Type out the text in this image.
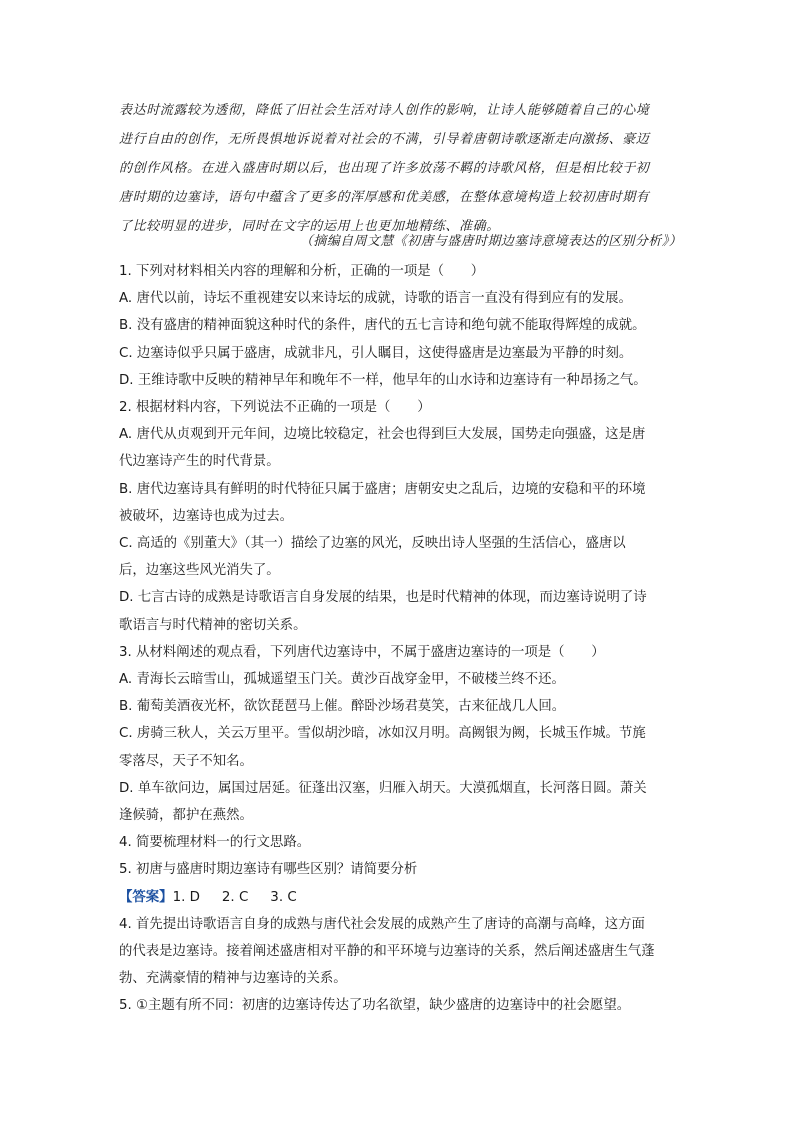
表达时流露较为透彻，降低了旧社会生活对诗人创作的影响，让诗人能够随着自己的心境

进行自由的创作，无所畏惧地诉说着对社会的不满，引导着唐朝诗歌逐渐走向激扬、豪迈

的创作风格。在进入盛唐时期以后，也出现了许多放荡不羁的诗歌风格，但是相比较于初

唐时期的边塞诗，语句中蕴含了更多的浑厚感和优美感，在整体意境构造上较初唐时期有

了比较明显的进步，同时在文字的运用上也更加地精练、准确。

（摘编自周文慧《初唐与盛唐时期边塞诗意境表达的区别分析》）

1. 下列对材料相关内容的理解和分析，正确的一项是（　　）

A. 唐代以前，诗坛不重视建安以来诗坛的成就，诗歌的语言一直没有得到应有的发展。

B. 没有盛唐的精神面貌这种时代的条件，唐代的五七言诗和绝句就不能取得辉煌的成就。

C. 边塞诗似乎只属于盛唐，成就非凡，引人瞩目，这使得盛唐是边塞最为平静的时刻。

D. 王维诗歌中反映的精神早年和晚年不一样，他早年的山水诗和边塞诗有一种昂扬之气。

2. 根据材料内容，下列说法不正确的一项是（　　）

A. 唐代从贞观到开元年间，边境比较稳定，社会也得到巨大发展，国势走向强盛，这是唐

代边塞诗产生的时代背景。

B. 唐代边塞诗具有鲜明的时代特征只属于盛唐；唐朝安史之乱后，边境的安稳和平的环境

被破坏，边塞诗也成为过去。

C. 高适的《别董大》（其一）描绘了边塞的风光，反映出诗人坚强的生活信心，盛唐以

后，边塞这些风光消失了。

D. 七言古诗的成熟是诗歌语言自身发展的结果，也是时代精神的体现，而边塞诗说明了诗

歌语言与时代精神的密切关系。

3. 从材料阐述的观点看，下列唐代边塞诗中，不属于盛唐边塞诗的一项是（　　）

A. 青海长云暗雪山，孤城遥望玉门关。黄沙百战穿金甲，不破楼兰终不还。

B. 葡萄美酒夜光杯，欲饮琵琶马上催。醉卧沙场君莫笑，古来征战几人回。

C. 虏骑三秋人，关云万里平。雪似胡沙暗，冰如汉月明。高阙银为阙，长城玉作城。节旄

零落尽，天子不知名。

D. 单车欲问边，属国过居延。征蓬出汉塞，归雁入胡天。大漠孤烟直，长河落日圆。萧关

逢候骑，都护在燕然。

4. 简要梳理材料一的行文思路。

5. 初唐与盛唐时期边塞诗有哪些区别？请简要分析

【答案】1. D 2. C 3. C

4. 首先提出诗歌语言自身的成熟与唐代社会发展的成熟产生了唐诗的高潮与高峰，这方面

的代表是边塞诗。接着阐述盛唐相对平静的和平环境与边塞诗的关系，然后阐述盛唐生气蓬

勃、充满豪情的精神与边塞诗的关系。

5. ①主题有所不同：初唐的边塞诗传达了功名欲望，缺少盛唐的边塞诗中的社会愿望。
